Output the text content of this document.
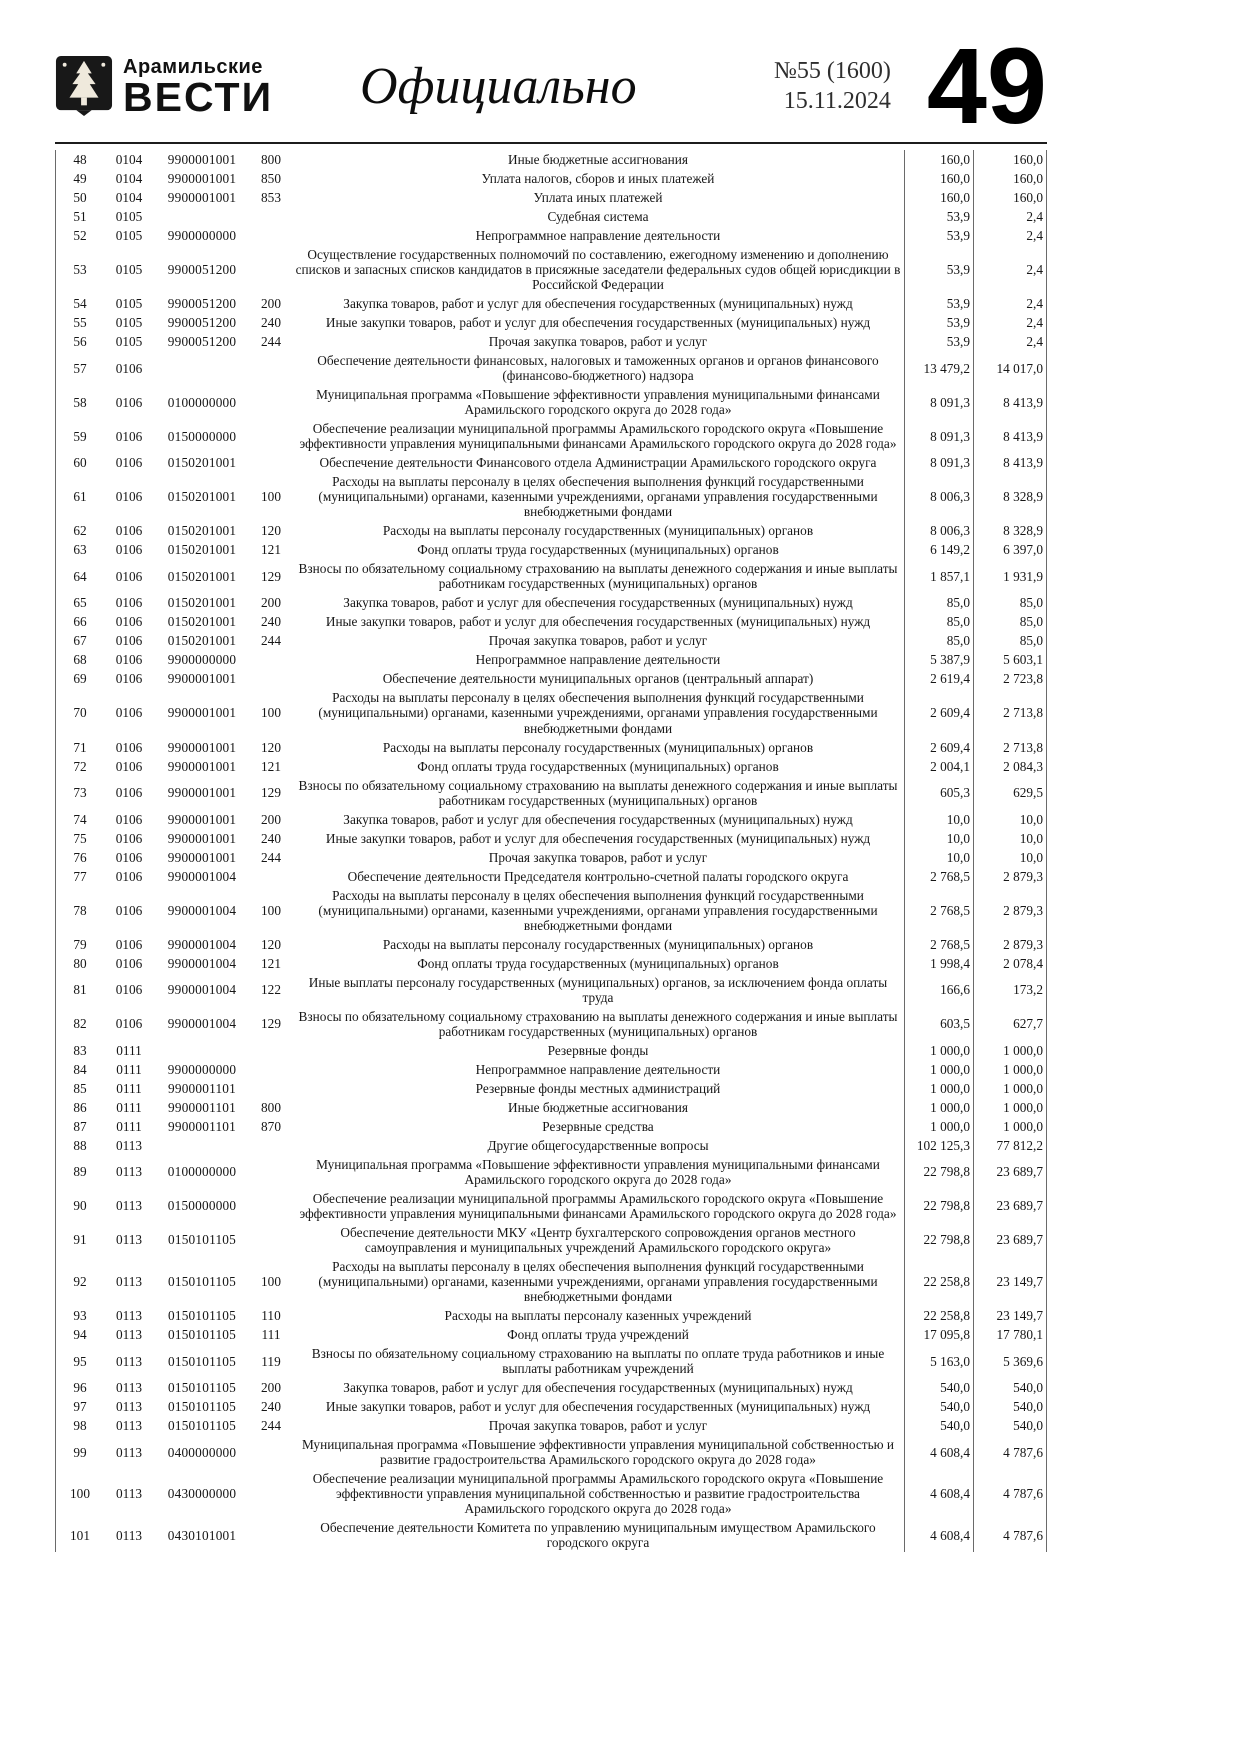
Арамильские
ВЕСТИ	Официально	№55 (1600)
15.11.2024 49
48	0104	9900001001	800	Иные бюджетные ассигнования	160,0	160,0
49	0104	9900001001	850	Уплата налогов, сборов и иных платежей	160,0	160,0
50	0104	9900001001	853	Уплата иных платежей	160,0	160,0
51	0105			Судебная система	53,9	2,4
52	0105	9900000000		Непрограммное направление деятельности	53,9	2,4
53	0105	9900051200		Осуществление государственных полномочий по составлению, ежегодному изменению и дополнению списков и запасных списков кандидатов в присяжные заседатели федеральных судов общей юрисдикции в Российской Федерации	53,9	2,4
54	0105	9900051200	200	Закупка товаров, работ и услуг для обеспечения государственных (муниципальных) нужд	53,9	2,4
55	0105	9900051200	240	Иные закупки товаров, работ и услуг для обеспечения государственных (муниципальных) нужд	53,9	2,4
56	0105	9900051200	244	Прочая закупка товаров, работ и услуг	53,9	2,4
57	0106			Обеспечение деятельности финансовых, налоговых и таможенных органов и органов финансового (финансово-бюджетного) надзора	13 479,2	14 017,0
58	0106	0100000000		Муниципальная программа «Повышение эффективности управления муниципальными финансами Арамильского городского округа до 2028 года»	8 091,3	8 413,9
59	0106	0150000000		Обеспечение реализации муниципальной программы Арамильского городского округа «Повышение эффективности управления муниципальными финансами Арамильского городского округа до 2028 года»	8 091,3	8 413,9
60	0106	0150201001		Обеспечение деятельности Финансового отдела Администрации Арамильского городского округа	8 091,3	8 413,9
61	0106	0150201001	100	Расходы на выплаты персоналу в целях обеспечения выполнения функций государственными (муниципальными) органами, казенными учреждениями, органами управления государственными внебюджетными фондами	8 006,3	8 328,9
62	0106	0150201001	120	Расходы на выплаты персоналу государственных (муниципальных) органов	8 006,3	8 328,9
63	0106	0150201001	121	Фонд оплаты труда государственных (муниципальных) органов	6 149,2	6 397,0
64	0106	0150201001	129	Взносы по обязательному социальному страхованию на выплаты денежного содержания и иные выплаты работникам государственных (муниципальных) органов	1 857,1	1 931,9
65	0106	0150201001	200	Закупка товаров, работ и услуг для обеспечения государственных (муниципальных) нужд	85,0	85,0
66	0106	0150201001	240	Иные закупки товаров, работ и услуг для обеспечения государственных (муниципальных) нужд	85,0	85,0
67	0106	0150201001	244	Прочая закупка товаров, работ и услуг	85,0	85,0
68	0106	9900000000		Непрограммное направление деятельности	5 387,9	5 603,1
69	0106	9900001001		Обеспечение деятельности муниципальных органов (центральный аппарат)	2 619,4	2 723,8
70	0106	9900001001	100	Расходы на выплаты персоналу в целях обеспечения выполнения функций государственными (муниципальными) органами, казенными учреждениями, органами управления государственными внебюджетными фондами	2 609,4	2 713,8
71	0106	9900001001	120	Расходы на выплаты персоналу государственных (муниципальных) органов	2 609,4	2 713,8
72	0106	9900001001	121	Фонд оплаты труда государственных (муниципальных) органов	2 004,1	2 084,3
73	0106	9900001001	129	Взносы по обязательному социальному страхованию на выплаты денежного содержания и иные выплаты работникам государственных (муниципальных) органов	605,3	629,5
74	0106	9900001001	200	Закупка товаров, работ и услуг для обеспечения государственных (муниципальных) нужд	10,0	10,0
75	0106	9900001001	240	Иные закупки товаров, работ и услуг для обеспечения государственных (муниципальных) нужд	10,0	10,0
76	0106	9900001001	244	Прочая закупка товаров, работ и услуг	10,0	10,0
77	0106	9900001004		Обеспечение деятельности Председателя контрольно-счетной палаты городского округа	2 768,5	2 879,3
78	0106	9900001004	100	Расходы на выплаты персоналу в целях обеспечения выполнения функций государственными (муниципальными) органами, казенными учреждениями, органами управления государственными внебюджетными фондами	2 768,5	2 879,3
79	0106	9900001004	120	Расходы на выплаты персоналу государственных (муниципальных) органов	2 768,5	2 879,3
80	0106	9900001004	121	Фонд оплаты труда государственных (муниципальных) органов	1 998,4	2 078,4
81	0106	9900001004	122	Иные выплаты персоналу государственных (муниципальных) органов, за исключением фонда оплаты труда	166,6	173,2
82	0106	9900001004	129	Взносы по обязательному социальному страхованию на выплаты денежного содержания и иные выплаты работникам государственных (муниципальных) органов	603,5	627,7
83	0111			Резервные фонды	1 000,0	1 000,0
84	0111	9900000000		Непрограммное направление деятельности	1 000,0	1 000,0
85	0111	9900001101		Резервные фонды местных администраций	1 000,0	1 000,0
86	0111	9900001101	800	Иные бюджетные ассигнования	1 000,0	1 000,0
87	0111	9900001101	870	Резервные средства	1 000,0	1 000,0
88	0113			Другие общегосударственные вопросы	102 125,3	77 812,2
89	0113	0100000000		Муниципальная программа «Повышение эффективности управления муниципальными финансами Арамильского городского округа до 2028 года»	22 798,8	23 689,7
90	0113	0150000000		Обеспечение реализации муниципальной программы Арамильского городского округа «Повышение эффективности управления муниципальными финансами Арамильского городского округа до 2028 года»	22 798,8	23 689,7
91	0113	0150101105		Обеспечение деятельности МКУ «Центр бухгалтерского сопровождения органов местного самоуправления и муниципальных учреждений Арамильского городского округа»	22 798,8	23 689,7
92	0113	0150101105	100	Расходы на выплаты персоналу в целях обеспечения выполнения функций государственными (муниципальными) органами, казенными учреждениями, органами управления государственными внебюджетными фондами	22 258,8	23 149,7
93	0113	0150101105	110	Расходы на выплаты персоналу казенных учреждений	22 258,8	23 149,7
94	0113	0150101105	111	Фонд оплаты труда учреждений	17 095,8	17 780,1
95	0113	0150101105	119	Взносы по обязательному социальному страхованию на выплаты по оплате труда работников и иные выплаты работникам учреждений	5 163,0	5 369,6
96	0113	0150101105	200	Закупка товаров, работ и услуг для обеспечения государственных (муниципальных) нужд	540,0	540,0
97	0113	0150101105	240	Иные закупки товаров, работ и услуг для обеспечения государственных (муниципальных) нужд	540,0	540,0
98	0113	0150101105	244	Прочая закупка товаров, работ и услуг	540,0	540,0
99	0113	0400000000		Муниципальная программа «Повышение эффективности управления муниципальной собственностью и развитие градостроительства Арамильского городского округа до 2028 года»	4 608,4	4 787,6
100	0113	0430000000		Обеспечение реализации муниципальной программы Арамильского городского округа «Повышение эффективности управления муниципальной собственностью и развитие градостроительства Арамильского городского округа до 2028 года»	4 608,4	4 787,6
101	0113	0430101001		Обеспечение деятельности Комитета по управлению муниципальным имуществом Арамильского городского округа	4 608,4	4 787,6
